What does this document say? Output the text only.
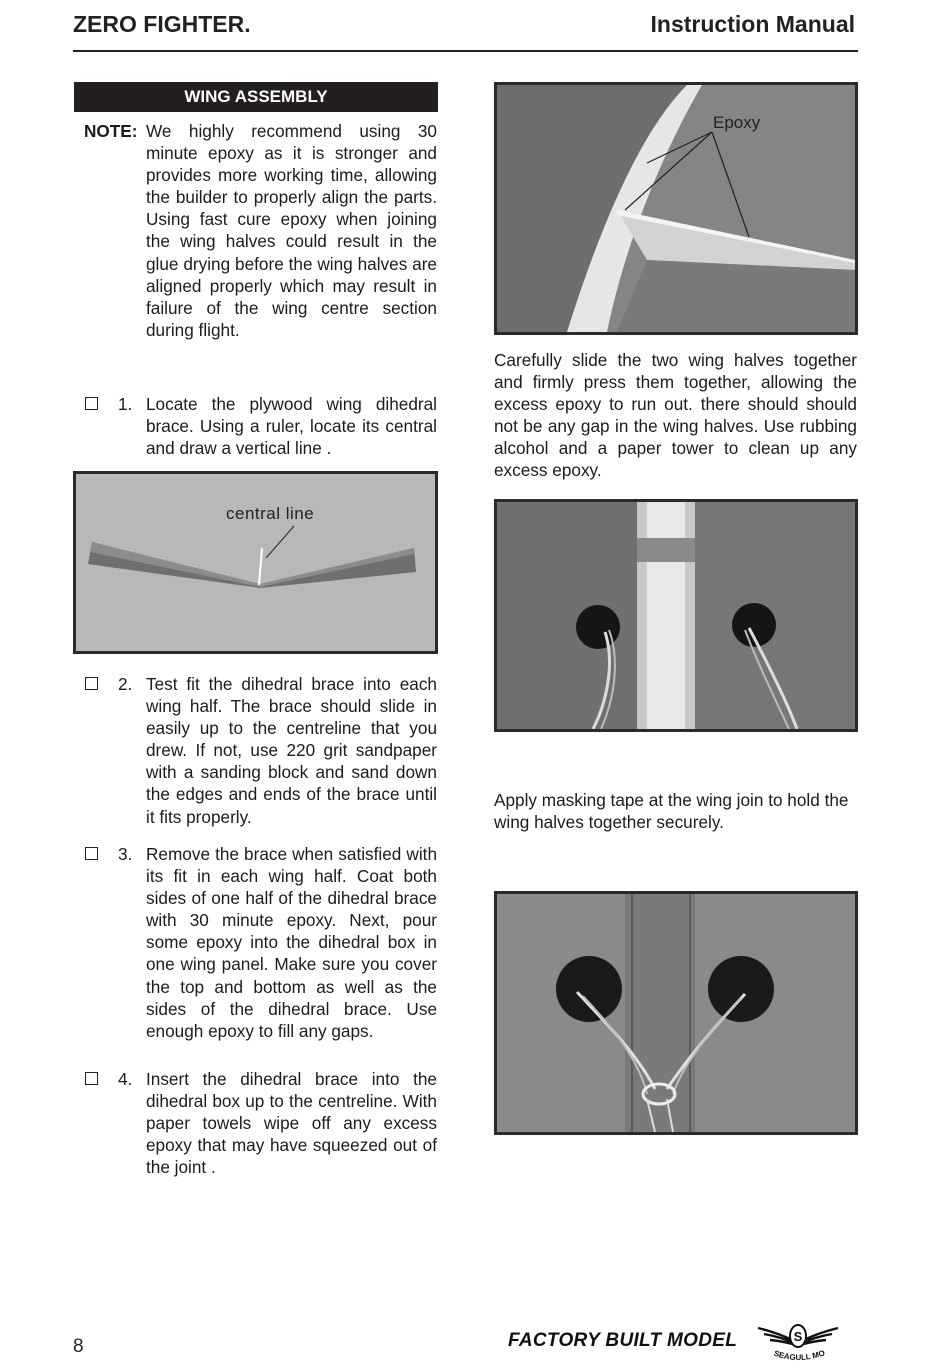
ZERO FIGHTER.	Instruction Manual
WING ASSEMBLY
NOTE: We highly recommend using 30 minute epoxy as it is stronger and provides more working time, allowing the builder to properly align the parts. Using fast cure epoxy when joining the wing halves could result in the glue drying before the wing halves are aligned properly which may result in failure of the wing centre section during flight.
1. Locate the plywood wing dihedral brace. Using a ruler, locate its central and draw a vertical line .
central line
2. Test fit the dihedral brace into each wing half. The brace should slide in easily up to the centreline that you drew. If not, use 220 grit sandpaper with a sanding block and sand down the edges and ends of the brace until it fits properly.
3. Remove the brace when satisfied with its fit in each wing half. Coat both sides of one half of the dihedral brace with 30 minute epoxy. Next, pour some epoxy into the dihedral box in one wing panel. Make sure you cover the top and bottom as well as the sides of the dihedral brace. Use enough epoxy to fill any gaps.
4. Insert the dihedral brace into the dihedral box up to the centreline. With paper towels wipe off any excess epoxy that may have squeezed out of the joint .
Epoxy
Carefully slide the two wing halves together and firmly press them together, allowing the excess epoxy to run out. there should should not be any gap in the wing halves. Use rubbing alcohol and a paper tower to clean up any excess epoxy.
Apply masking tape at the wing join to hold the wing halves together securely.
8	FACTORY BUILT MODEL	S
SEAGULL MO
